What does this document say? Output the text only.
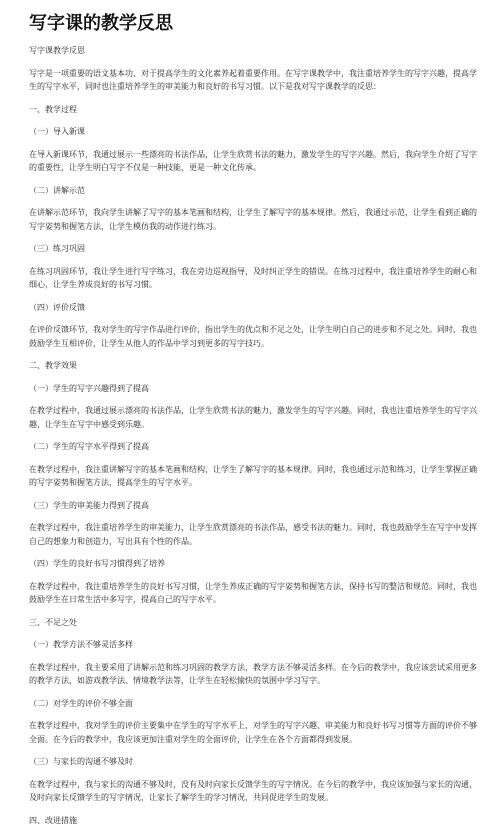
写字课的教学反思

写字课教学反思

写字是一项重要的语文基本功，对于提高学生的文化素养起着重要作用。在写字课教学中，我注重培养学生的写字兴趣，提高学生的写字水平，同时也注重培养学生的审美能力和良好的书写习惯。以下是我对写字课教学的反思：

一、教学过程

（一）导入新课

在导入新课环节，我通过展示一些漂亮的书法作品，让学生欣赏书法的魅力，激发学生的写字兴趣。然后，我向学生介绍了写字的重要性，让学生明白写字不仅是一种技能，更是一种文化传承。

（二）讲解示范

在讲解示范环节，我向学生讲解了写字的基本笔画和结构，让学生了解写字的基本规律。然后，我通过示范，让学生看到正确的写字姿势和握笔方法，让学生模仿我的动作进行练习。

（三）练习巩固

在练习巩固环节，我让学生进行写字练习，我在旁边巡视指导，及时纠正学生的错误。在练习过程中，我注重培养学生的耐心和细心，让学生养成良好的书写习惯。

（四）评价反馈

在评价反馈环节，我对学生的写字作品进行评价，指出学生的优点和不足之处，让学生明白自己的进步和不足之处。同时，我也鼓励学生互相评价，让学生从他人的作品中学习到更多的写字技巧。

二、教学效果

（一）学生的写字兴趣得到了提高

在教学过程中，我通过展示漂亮的书法作品，让学生欣赏书法的魅力，激发学生的写字兴趣。同时，我也注重培养学生的写字兴趣，让学生在写字中感受到乐趣。

（二）学生的写字水平得到了提高

在教学过程中，我注重讲解写字的基本笔画和结构，让学生了解写字的基本规律。同时，我也通过示范和练习，让学生掌握正确的写字姿势和握笔方法，提高学生的写字水平。

（三）学生的审美能力得到了提高

在教学过程中，我注重培养学生的审美能力，让学生欣赏漂亮的书法作品，感受书法的魅力。同时，我也鼓励学生在写字中发挥自己的想象力和创造力，写出具有个性的作品。

（四）学生的良好书写习惯得到了培养

在教学过程中，我注重培养学生的良好书写习惯，让学生养成正确的写字姿势和握笔方法，保持书写的整洁和规范。同时，我也鼓励学生在日常生活中多写字，提高自己的写字水平。

三、不足之处

（一）教学方法不够灵活多样

在教学过程中，我主要采用了讲解示范和练习巩固的教学方法，教学方法不够灵活多样。在今后的教学中，我应该尝试采用更多的教学方法，如游戏教学法、情境教学法等，让学生在轻松愉快的氛围中学习写字。

（二）对学生的评价不够全面

在教学过程中，我对学生的评价主要集中在学生的写字水平上，对学生的写字兴趣、审美能力和良好书写习惯等方面的评价不够全面。在今后的教学中，我应该更加注重对学生的全面评价，让学生在各个方面都得到发展。

（三）与家长的沟通不够及时

在教学过程中，我与家长的沟通不够及时，没有及时向家长反馈学生的写字情况。在今后的教学中，我应该加强与家长的沟通，及时向家长反馈学生的写字情况，让家长了解学生的学习情况，共同促进学生的发展。

四、改进措施
